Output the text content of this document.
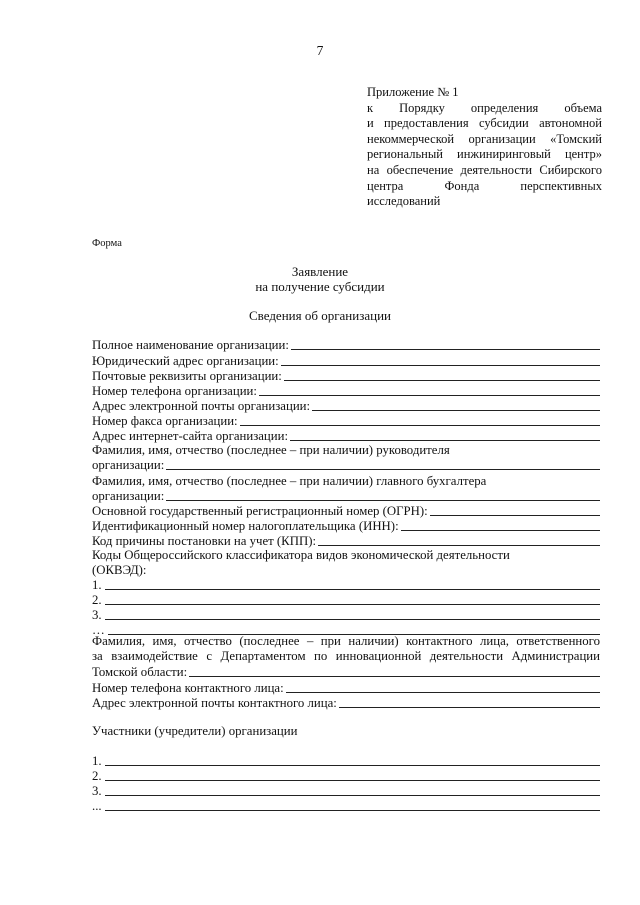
7
Приложение № 1
к Порядку определения объема
и предоставления субсидии автономной
некоммерческой организации «Томский
региональный инжиниринговый центр»
на обеспечение деятельности Сибирского
центра Фонда перспективных
исследований
Форма
Заявление
на получение субсидии
Сведения об организации
Полное наименование организации:
Юридический адрес организации:
Почтовые реквизиты организации:
Номер телефона организации:
Адрес электронной почты организации:
Номер факса организации:
Адрес интернет-сайта организации:
Фамилия, имя, отчество (последнее – при наличии) руководителя
организации:
Фамилия, имя, отчество (последнее – при наличии) главного бухгалтера
организации:
Основной государственный регистрационный номер (ОГРН):
Идентификационный номер налогоплательщика (ИНН):
Код причины постановки на учет (КПП):
Коды Общероссийского классификатора видов экономической деятельности
(ОКВЭД):
1.
2.
3.
…
Фамилия, имя, отчество (последнее – при наличии) контактного лица, ответственного
за взаимодействие с Департаментом по инновационной деятельности Администрации
Томской области:
Номер телефона контактного лица:
Адрес электронной почты контактного лица:
Участники (учредители) организации
1.
2.
3.
...
